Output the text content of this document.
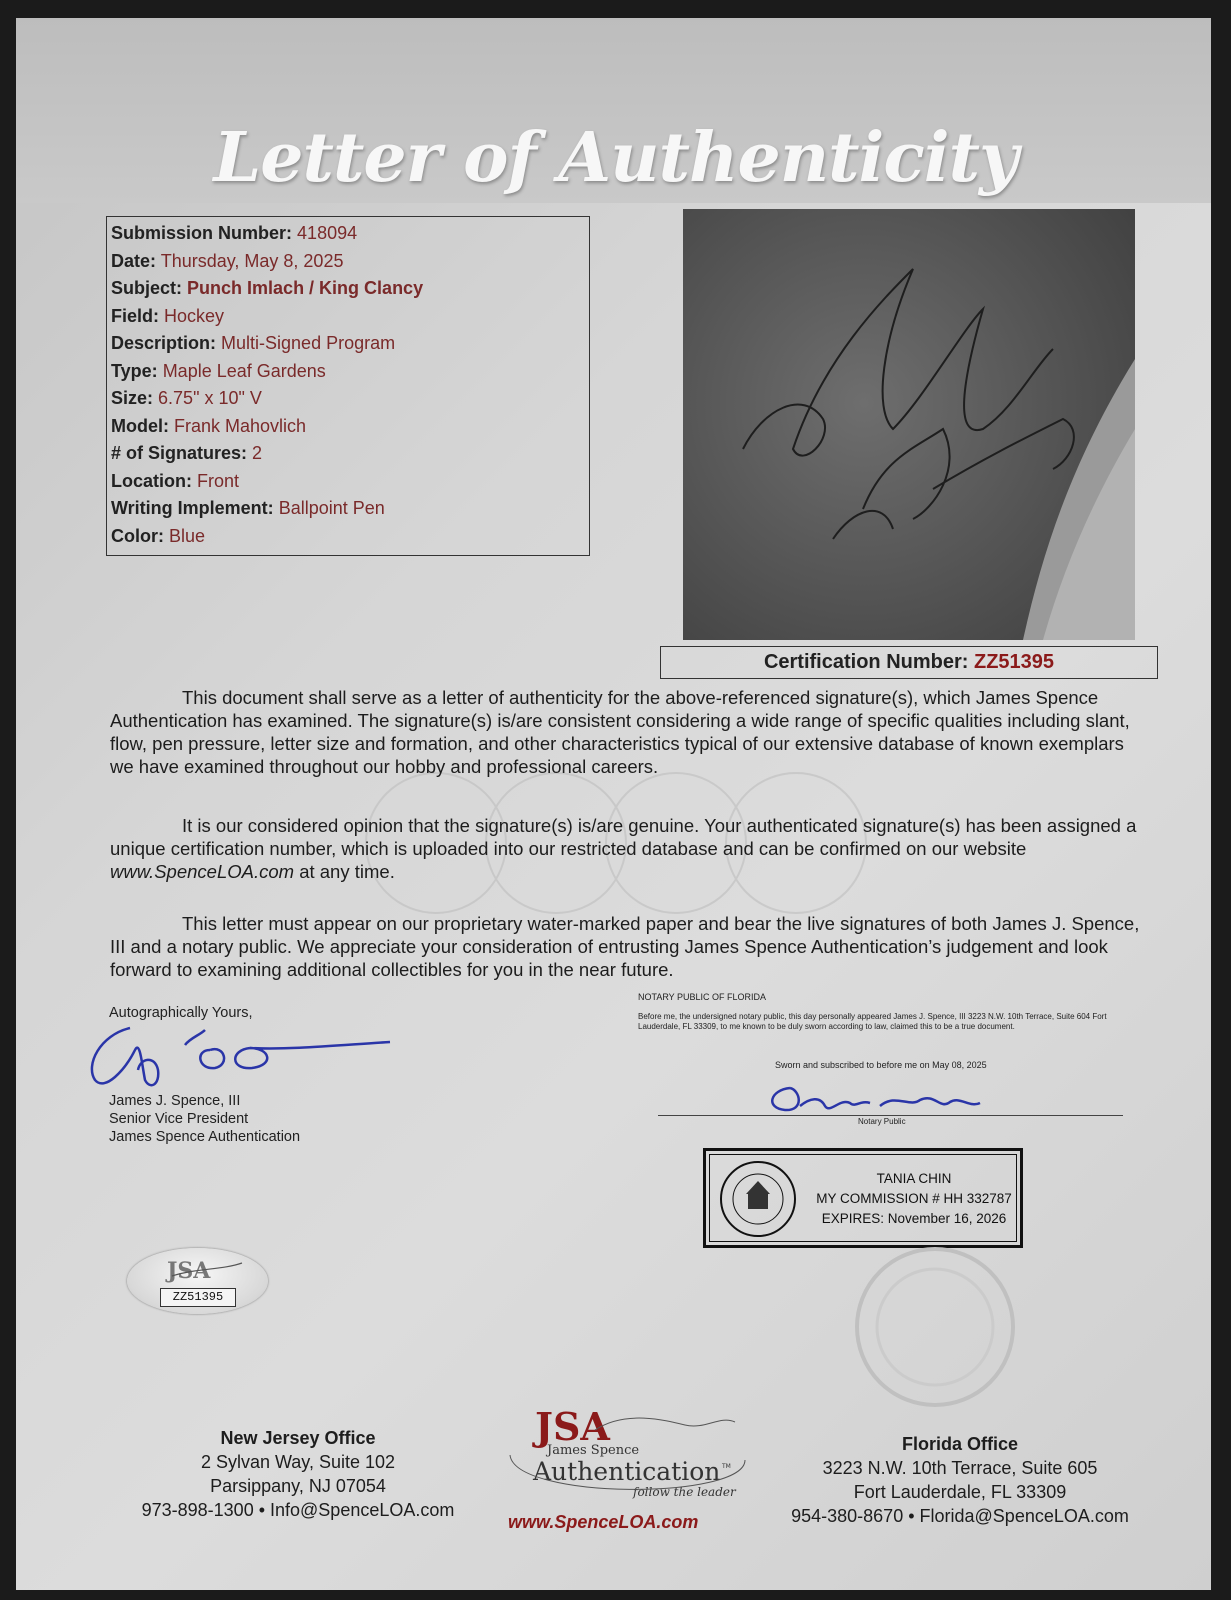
Letter of Authenticity
Submission Number: 418094
Date: Thursday, May 8, 2025
Subject: Punch Imlach / King Clancy
Field: Hockey
Description: Multi-Signed Program
Type: Maple Leaf Gardens
Size: 6.75" x 10" V
Model: Frank Mahovlich
# of Signatures: 2
Location: Front
Writing Implement: Ballpoint Pen
Color: Blue
Certification Number: ZZ51395
This document shall serve as a letter of authenticity for the above-referenced signature(s), which James Spence Authentication has examined. The signature(s) is/are consistent considering a wide range of specific qualities including slant, flow, pen pressure, letter size and formation, and other characteristics typical of our extensive database of known exemplars we have examined throughout our hobby and professional careers.
It is our considered opinion that the signature(s) is/are genuine. Your authenticated signature(s) has been assigned a unique certification number, which is uploaded into our restricted database and can be confirmed on our website www.SpenceLOA.com at any time.
This letter must appear on our proprietary water-marked paper and bear the live signatures of both James J. Spence, III and a notary public. We appreciate your consideration of entrusting James Spence Authentication’s judgement and look forward to examining additional collectibles for you in the near future.
Autographically Yours,
James J. Spence, III
Senior Vice President
James Spence Authentication
NOTARY PUBLIC OF FLORIDA
Before me, the undersigned notary public, this day personally appeared James J. Spence, III 3223 N.W. 10th Terrace, Suite 604 Fort Lauderdale, FL 33309, to me known to be duly sworn according to law, claimed this to be a true document.
Sworn and subscribed to before me on May 08, 2025
Notary Public
TANIA CHIN
MY COMMISSION # HH 332787
EXPIRES: November 16, 2026
JSA
ZZ51395
New Jersey Office
2 Sylvan Way, Suite 102
Parsippany, NJ 07054
973-898-1300 • Info@SpenceLOA.com
Florida Office
3223 N.W. 10th Terrace, Suite 605
Fort Lauderdale, FL 33309
954-380-8670 • Florida@SpenceLOA.com
JSA
James Spence
Authentication TM
follow the leader
www.SpenceLOA.com
